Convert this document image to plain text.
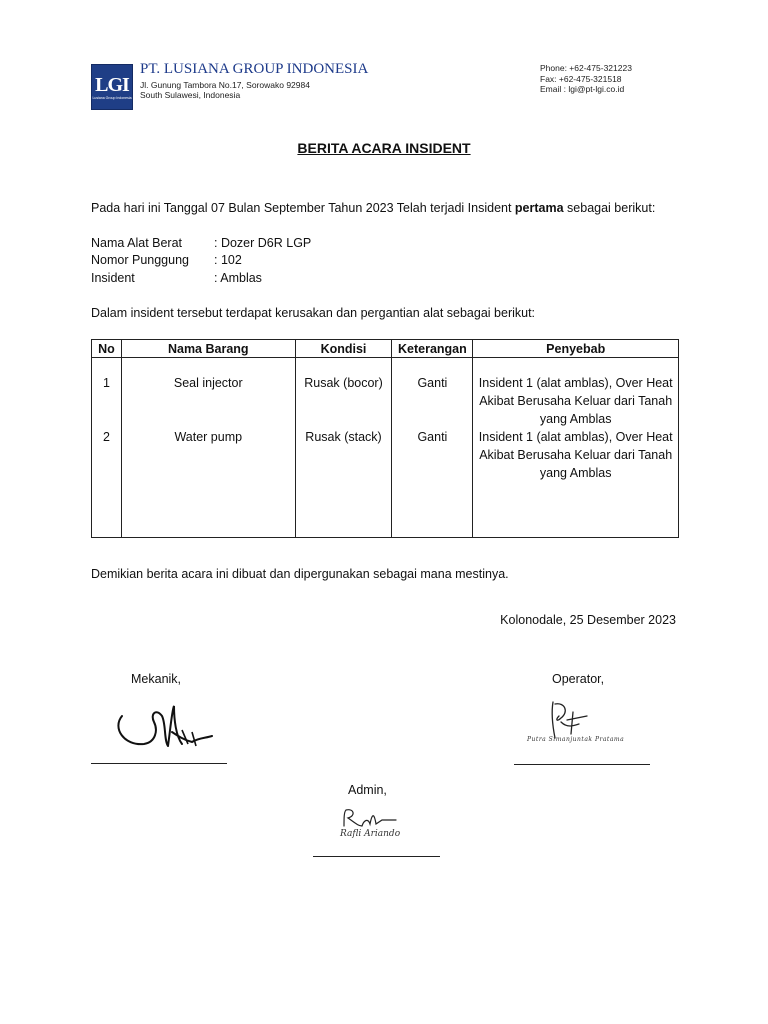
LGI
Lusiana Group Indonesia
PT. LUSIANA GROUP INDONESIA
Jl. Gunung Tambora No.17, Sorowako 92984
South Sulawesi, Indonesia
Phone: +62-475-321223
Fax: +62-475-321518
Email : lgi@pt-lgi.co.id
BERITA ACARA INSIDENT
Pada hari ini Tanggal 07 Bulan September Tahun 2023 Telah terjadi Insident pertama sebagai berikut:
Nama Alat Berat	: Dozer D6R LGP
Nomor Punggung : 102
Insident	: Amblas
Dalam insident tersebut terdapat kerusakan dan pergantian alat sebagai berikut:
No	Nama Barang	Kondisi	Keterangan	Penyebab
1	Seal injector	Rusak (bocor)	Ganti	Insident 1 (alat amblas), Over Heat Akibat Berusaha Keluar dari Tanah yang Amblas
2	Water pump	Rusak (stack)	Ganti	Insident 1 (alat amblas), Over Heat Akibat Berusaha Keluar dari Tanah yang Amblas
Demikian berita acara ini dibuat dan dipergunakan sebagai mana mestinya.
Kolonodale, 25 Desember 2023
Mekanik,	Operator,
Putra Simanjuntak Pratama
Admin,
Rafli Ariando
